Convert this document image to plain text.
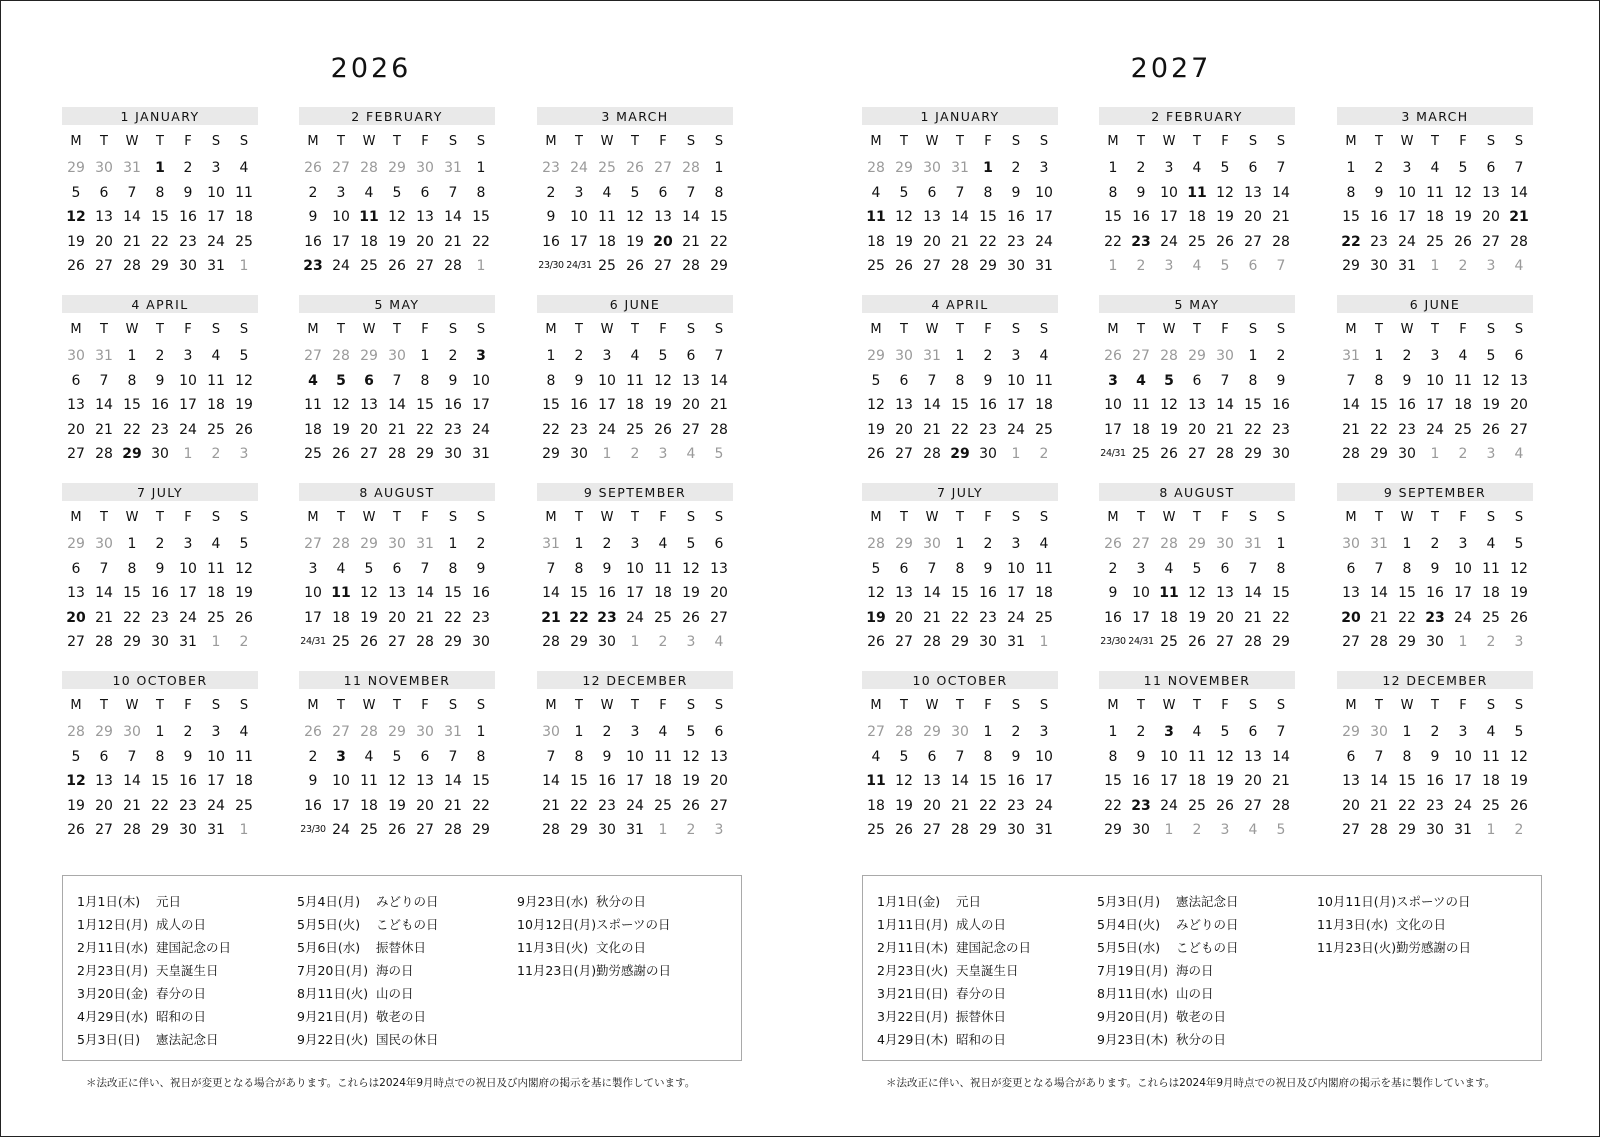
2026
1 JANUARY
M	T	W	T	F	S	S
29 30 31	1	2	3	4
5	6	7	8	9	10 11
12 13 14 15 16 17 18
19 20 21 22 23 24 25
26 27 28 29 30 31	1
2 FEBRUARY
M	T	W	T	F	S	S
26 27 28 29 30 31	1
2	3	4	5	6	7	8
9	10 11 12 13 14 15
16 17 18 19 20 21 22
23 24 25 26 27 28	1
3 MARCH
M	T	W	T	F	S	S
23 24 25 26 27 28	1
2	3	4	5	6	7	8
9	10 11 12 13 14 15
16 17 18 19 20 21 22
23/30 24/31 25 26 27 28 29
4 APRIL
M	T	W	T	F	S	S
30 31	1	2	3	4	5
6	7	8	9	10 11 12
13 14 15 16 17 18 19
20 21 22 23 24 25 26
27 28 29 30	1	2	3
5 MAY
M	T	W	T	F	S	S
27 28 29 30	1	2	3
4	5	6	7	8	9	10
11 12 13 14 15 16 17
18 19 20 21 22 23 24
25 26 27 28 29 30 31
6 JUNE
M	T	W	T	F	S	S
1	2	3	4	5	6	7
8	9	10 11 12 13 14
15 16 17 18 19 20 21
22 23 24 25 26 27 28
29 30	1	2	3	4	5
7 JULY
M	T	W	T	F	S	S
29 30	1	2	3	4	5
6	7	8	9	10 11 12
13 14 15 16 17 18 19
20 21 22 23 24 25 26
27 28 29 30 31	1	2
8 AUGUST
M	T	W	T	F	S	S
27 28 29 30 31	1	2
3	4	5	6	7	8	9
10 11 12 13 14 15 16
17 18 19 20 21 22 23
24/31 25 26 27 28 29 30
9 SEPTEMBER
M	T	W	T	F	S	S
31	1	2	3	4	5	6
7	8	9	10 11 12 13
14 15 16 17 18 19 20
21 22 23 24 25 26 27
28 29 30	1	2	3	4
10 OCTOBER
M	T	W	T	F	S	S
28 29 30	1	2	3	4
5	6	7	8	9	10 11
12 13 14 15 16 17 18
19 20 21 22 23 24 25
26 27 28 29 30 31	1
11 NOVEMBER
M	T	W	T	F	S	S
26 27 28 29 30 31	1
2	3	4	5	6	7	8
9	10 11 12 13 14 15
16 17 18 19 20 21 22
23/30 24 25 26 27 28 29
12 DECEMBER
M	T	W	T	F	S	S
30	1	2	3	4	5	6
7	8	9	10 11 12 13
14 15 16 17 18 19 20
21 22 23 24 25 26 27
28 29 30 31	1	2	3
1月1日(木)	元日
1月12日(月) 成人の日
2月11日(水) 建国記念の日
2月23日(月) 天皇誕生日
3月20日(金) 春分の日
4月29日(水) 昭和の日
5月3日(日)	憲法記念日
5月4日(月)	みどりの日
5月5日(火)	こどもの日
5月6日(水)	振替休日
7月20日(月) 海の日
8月11日(火) 山の日
9月21日(月) 敬老の日
9月22日(火) 国民の休日
9月23日(水) 秋分の日
10月12日(月) スポーツの日
11月3日(火) 文化の日
11月23日(月) 勤労感謝の日
＊法改正に伴い、祝日が変更となる場合があります。これらは2024年9月時点での祝日及び内閣府の掲示を基に製作しています。
2027
1 JANUARY
M	T	W	T	F	S	S
28 29 30 31	1	2	3
4	5	6	7	8	9	10
11 12 13 14 15 16 17
18 19 20 21 22 23 24
25 26 27 28 29 30 31
2 FEBRUARY
M	T	W	T	F	S	S
1	2	3	4	5	6	7
8	9	10 11 12 13 14
15 16 17 18 19 20 21
22 23 24 25 26 27 28
1	2	3	4	5	6	7
3 MARCH
M	T	W	T	F	S	S
1	2	3	4	5	6	7
8	9	10 11 12 13 14
15 16 17 18 19 20 21
22 23 24 25 26 27 28
29 30 31	1	2	3	4
4 APRIL
M	T	W	T	F	S	S
29 30 31	1	2	3	4
5	6	7	8	9	10 11
12 13 14 15 16 17 18
19 20 21 22 23 24 25
26 27 28 29 30	1	2
5 MAY
M	T	W	T	F	S	S
26 27 28 29 30	1	2
3	4	5	6	7	8	9
10 11 12 13 14 15 16
17 18 19 20 21 22 23
24/31 25 26 27 28 29 30
6 JUNE
M	T	W	T	F	S	S
31	1	2	3	4	5	6
7	8	9	10 11 12 13
14 15 16 17 18 19 20
21 22 23 24 25 26 27
28 29 30	1	2	3	4
7 JULY
M	T	W	T	F	S	S
28 29 30	1	2	3	4
5	6	7	8	9	10 11
12 13 14 15 16 17 18
19 20 21 22 23 24 25
26 27 28 29 30 31	1
8 AUGUST
M	T	W	T	F	S	S
26 27 28 29 30 31	1
2	3	4	5	6	7	8
9	10 11 12 13 14 15
16 17 18 19 20 21 22
23/30 24/31 25 26 27 28 29
9 SEPTEMBER
M	T	W	T	F	S	S
30 31	1	2	3	4	5
6	7	8	9	10 11 12
13 14 15 16 17 18 19
20 21 22 23 24 25 26
27 28 29 30	1	2	3
10 OCTOBER
M	T	W	T	F	S	S
27 28 29 30	1	2	3
4	5	6	7	8	9	10
11 12 13 14 15 16 17
18 19 20 21 22 23 24
25 26 27 28 29 30 31
11 NOVEMBER
M	T	W	T	F	S	S
1	2	3	4	5	6	7
8	9	10 11 12 13 14
15 16 17 18 19 20 21
22 23 24 25 26 27 28
29 30	1	2	3	4	5
12 DECEMBER
M	T	W	T	F	S	S
29 30	1	2	3	4	5
6	7	8	9	10 11 12
13 14 15 16 17 18 19
20 21 22 23 24 25 26
27 28 29 30 31	1	2
1月1日(金)	元日
1月11日(月) 成人の日
2月11日(木) 建国記念の日
2月23日(火) 天皇誕生日
3月21日(日) 春分の日
3月22日(月) 振替休日
4月29日(木) 昭和の日
5月3日(月)	憲法記念日
5月4日(火)	みどりの日
5月5日(水)	こどもの日
7月19日(月) 海の日
8月11日(水) 山の日
9月20日(月) 敬老の日
9月23日(木) 秋分の日
10月11日(月) スポーツの日
11月3日(水) 文化の日
11月23日(火) 勤労感謝の日
＊法改正に伴い、祝日が変更となる場合があります。これらは2024年9月時点での祝日及び内閣府の掲示を基に製作しています。
